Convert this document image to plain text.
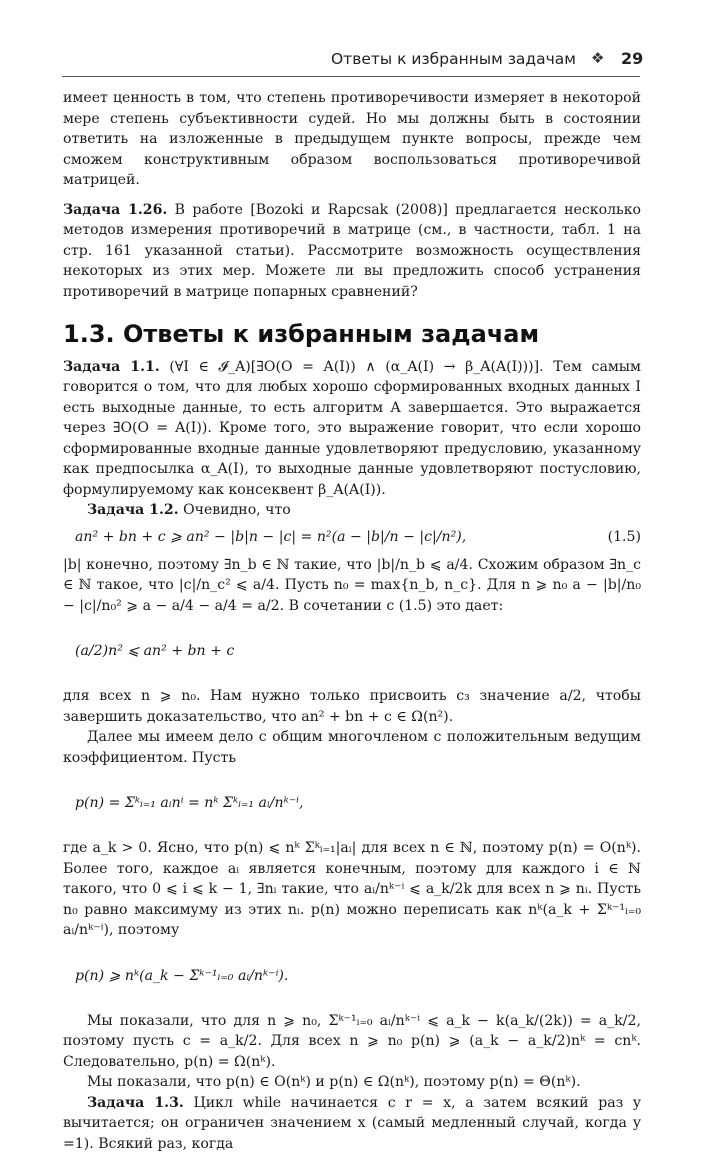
Ответы к избранным задачам ❖ 29

имеет ценность в том, что степень противоречивости измеряет в некоторой мере степень субъективности судей. Но мы должны быть в состоянии ответить на изложенные в предыдущем пункте вопросы, прежде чем сможем конструктивным образом воспользоваться противоречивой матрицей.

Задача 1.26. В работе [Bozoki и Rapcsak (2008)] предлагается несколько методов измерения противоречий в матрице (см., в частности, табл. 1 на стр. 161 указанной статьи). Рассмотрите возможность осуществления некоторых из этих мер. Можете ли вы предложить способ устранения противоречий в матрице попарных сравнений?

1.3. Ответы к избранным задачам

Задача 1.1. (∀I ∈ 𝓘_A)[∃O(O = A(I)) ∧ (α_A(I) → β_A(A(I)))]. Тем самым говорится о том, что для любых хорошо сформированных входных данных I есть выходные данные, то есть алгоритм A завершается. Это выражается через ∃O(O = A(I)). Кроме того, это выражение говорит, что если хорошо сформированные входные данные удовлетворяют предусловию, указанному как предпосылка α_A(I), то выходные данные удовлетворяют постусловию, формулируемому как консеквент β_A(A(I)).

Задача 1.2. Очевидно, что

an² + bn + c ⩾ an² − |b|n − |c| = n²(a − |b|/n − |c|/n²),	(1.5)

|b| конечно, поэтому ∃n_b ∈ ℕ такие, что |b|/n_b ⩽ a/4. Схожим образом ∃n_c ∈ ℕ такое, что |c|/n_c² ⩽ a/4. Пусть n₀ = max{n_b, n_c}. Для n ⩾ n₀ a − |b|/n₀ − |c|/n₀² ⩾ a − a/4 − a/4 = a/2. В сочетании с (1.5) это дает:

(a/2)n² ⩽ an² + bn + c

для всех n ⩾ n₀. Нам нужно только присвоить c₃ значение a/2, чтобы завершить доказательство, что an² + bn + c ∈ Ω(n²).

Далее мы имеем дело с общим многочленом с положительным ведущим коэффициентом. Пусть

p(n) = Σᵏᵢ₌₁ aᵢnⁱ = nᵏ Σᵏᵢ₌₁ aᵢ/nᵏ⁻ⁱ,

где a_k > 0. Ясно, что p(n) ⩽ nᵏ Σᵏᵢ₌₁|aᵢ| для всех n ∈ ℕ, поэтому p(n) = O(nᵏ). Более того, каждое aᵢ является конечным, поэтому для каждого i ∈ ℕ такого, что 0 ⩽ i ⩽ k − 1, ∃nᵢ такие, что aᵢ/nᵏ⁻ⁱ ⩽ a_k/2k для всех n ⩾ nᵢ. Пусть n₀ равно максимуму из этих nᵢ. p(n) можно переписать как nᵏ(a_k + Σᵏ⁻¹ᵢ₌₀ aᵢ/nᵏ⁻ⁱ), поэтому

p(n) ⩾ nᵏ(a_k − Σᵏ⁻¹ᵢ₌₀ aᵢ/nᵏ⁻ⁱ).

Мы показали, что для n ⩾ n₀, Σᵏ⁻¹ᵢ₌₀ aᵢ/nᵏ⁻ⁱ ⩽ a_k − k(a_k/(2k)) = a_k/2, поэтому пусть c = a_k/2. Для всех n ⩾ n₀ p(n) ⩾ (a_k − a_k/2)nᵏ = cnᵏ. Следовательно, p(n) = Ω(nᵏ).

Мы показали, что p(n) ∈ O(nᵏ) и p(n) ∈ Ω(nᵏ), поэтому p(n) = Θ(nᵏ).

Задача 1.3. Цикл while начинается с r = x, а затем всякий раз y вычитается; он ограничен значением x (самый медленный случай, когда y =1). Всякий раз, когда
